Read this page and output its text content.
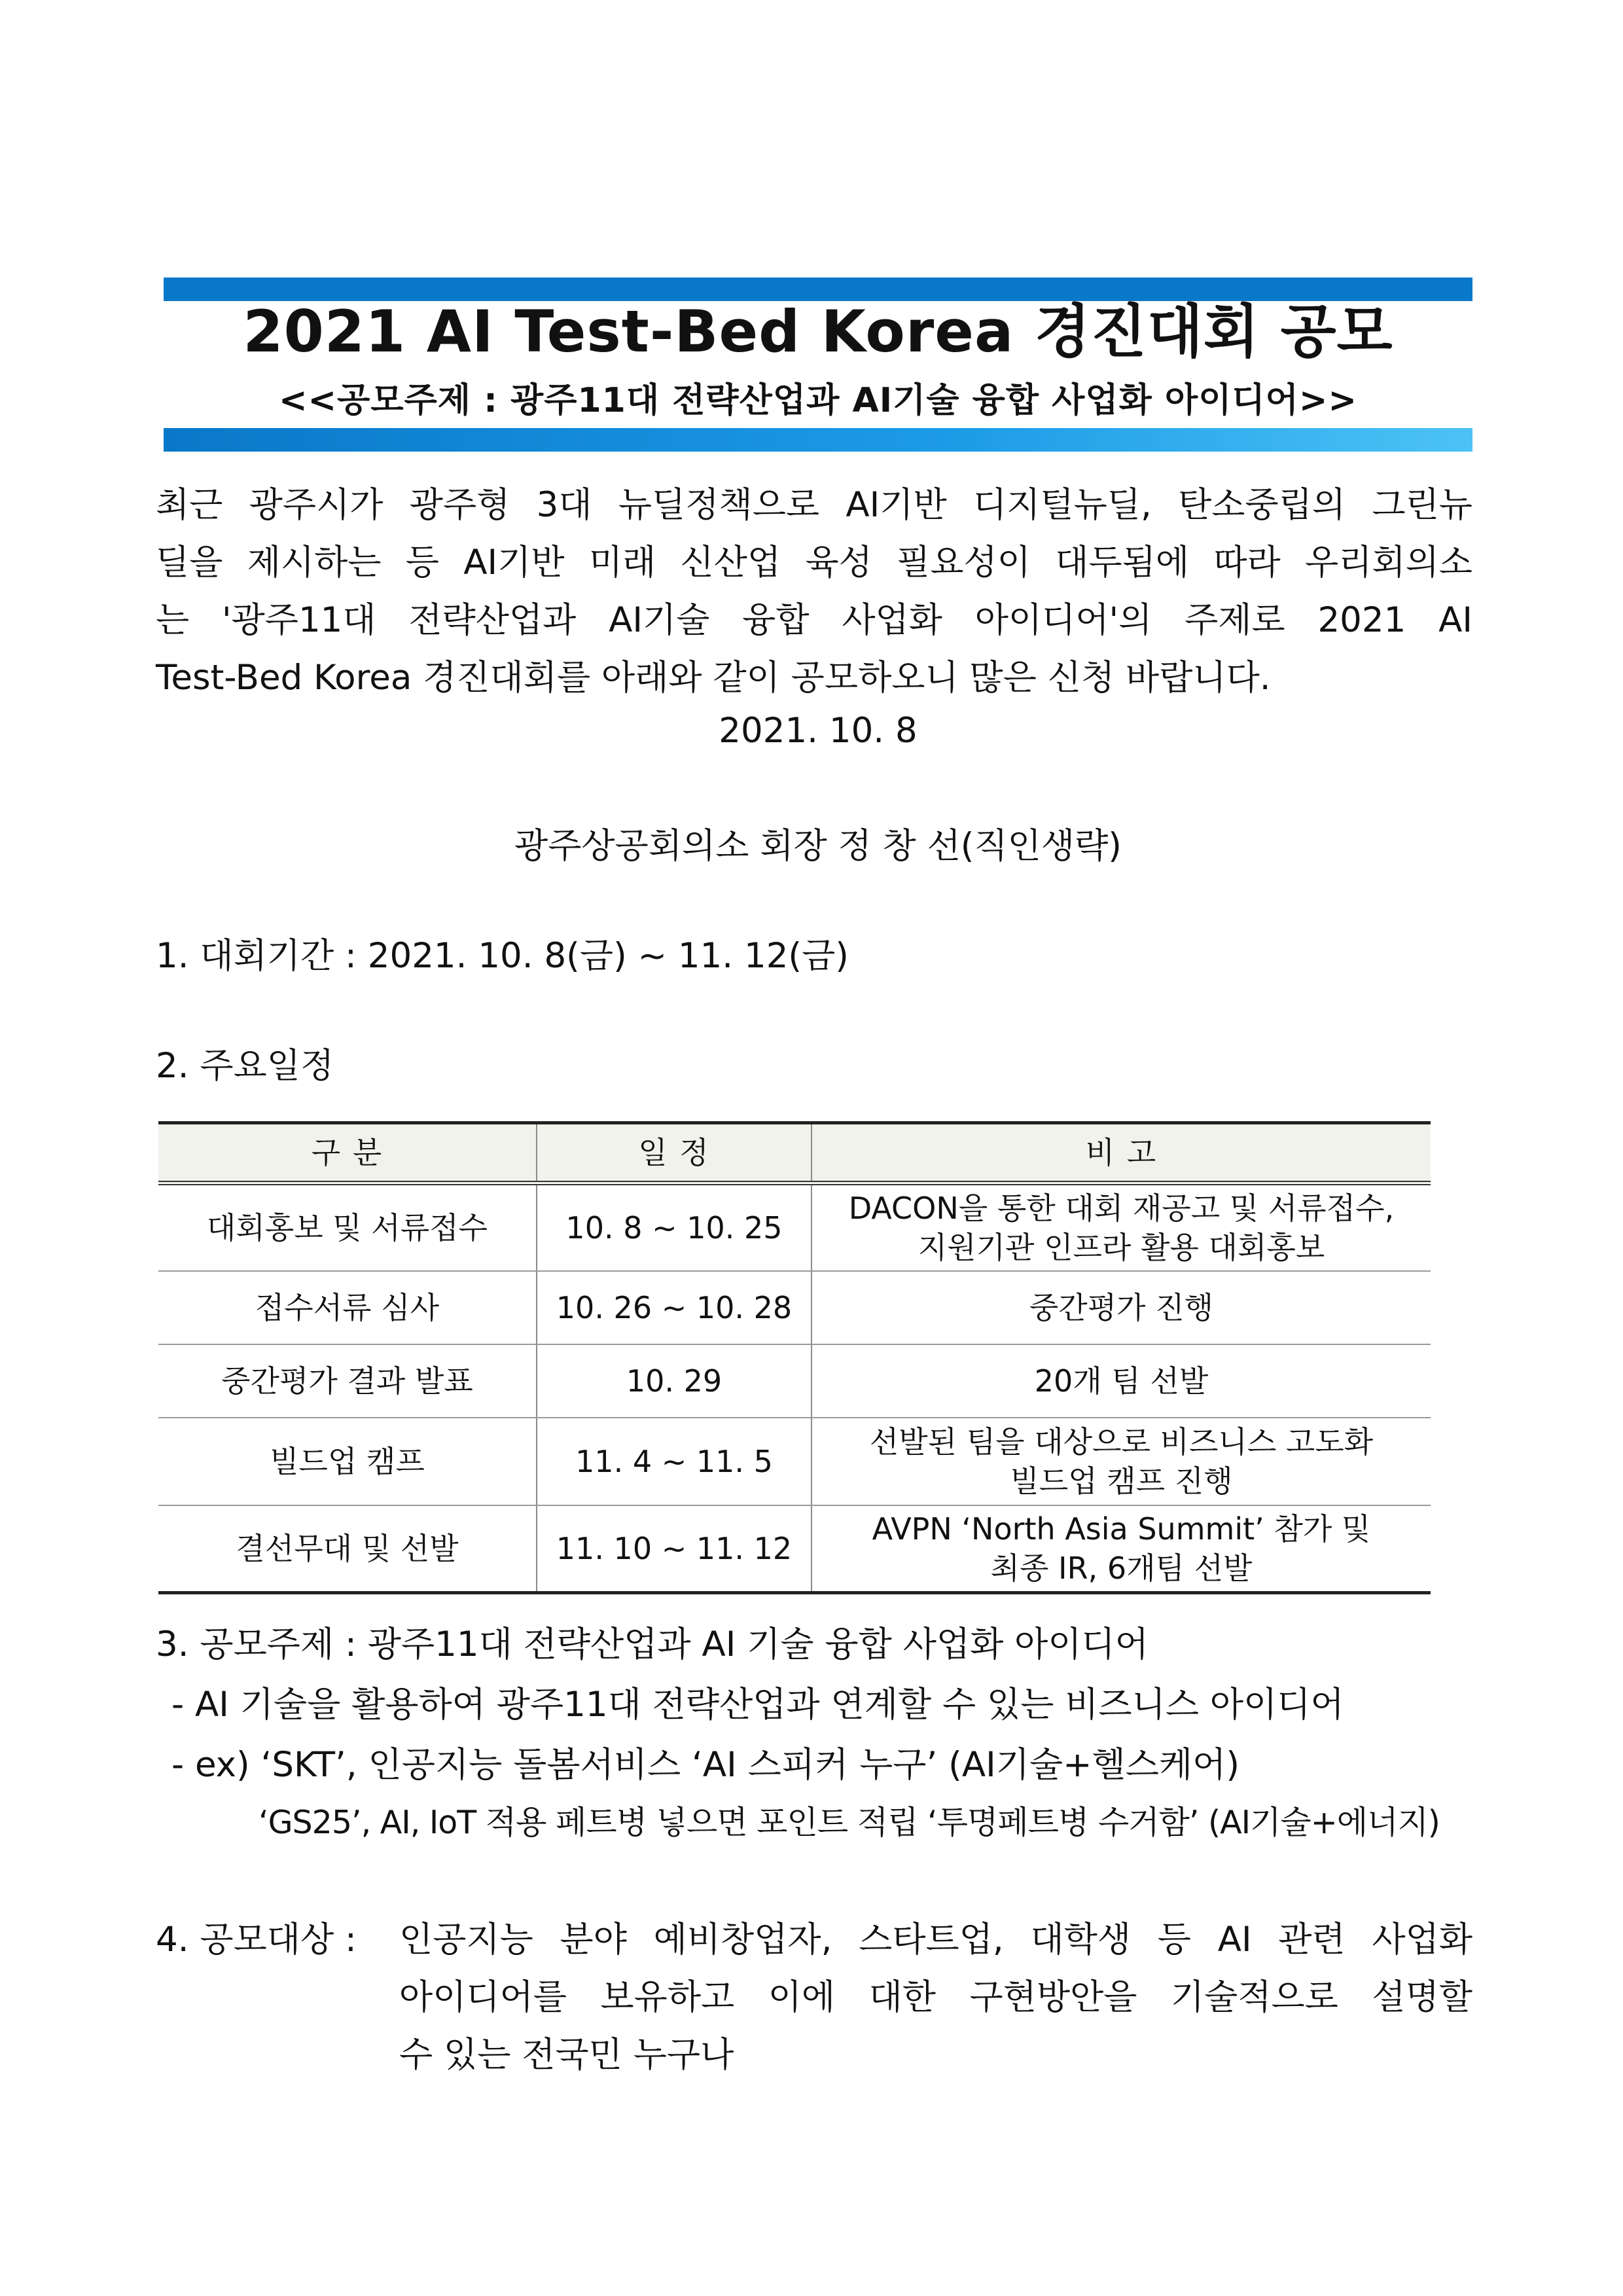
2021 AI Test-Bed Korea 경진대회 공모
<<공모주제 : 광주11대 전략산업과 AI기술 융합 사업화 아이디어>>

최근 광주시가 광주형 3대 뉴딜정책으로 AI기반 디지털뉴딜, 탄소중립의 그린뉴
딜을 제시하는 등 AI기반 미래 신산업 육성 필요성이 대두됨에 따라 우리회의소
는 '광주11대 전략산업과 AI기술 융합 사업화 아이디어'의 주제로 2021 AI
Test-Bed Korea 경진대회를 아래와 같이 공모하오니 많은 신청 바랍니다.

2021. 10. 8
광주상공회의소 회장 정 창 선(직인생략)
1. 대회기간 : 2021. 10. 8(금) ~ 11. 12(금)
2. 주요일정
구 분	일 정	비 고
대회홍보 및 서류접수	10. 8 ~ 10. 25	DACON을 통한 대회 재공고 및 서류접수,
지원기관 인프라 활용 대회홍보

접수서류 심사	10. 26 ~ 10. 28	중간평가 진행
중간평가 결과 발표	10. 29	20개 팀 선발
빌드업 캠프	11. 4 ~ 11. 5	선발된 팀을 대상으로 비즈니스 고도화
빌드업 캠프 진행

결선무대 및 선발	11. 10 ~ 11. 12	AVPN ‘North Asia Summit’ 참가 및
최종 IR, 6개팀 선발
3. 공모주제 : 광주11대 전략산업과 AI 기술 융합 사업화 아이디어
- AI 기술을 활용하여 광주11대 전략산업과 연계할 수 있는 비즈니스 아이디어
- ex) ‘SKT’, 인공지능 돌봄서비스 ‘AI 스피커 누구’ (AI기술+헬스케어)
‘GS25’, AI, IoT 적용 페트병 넣으면 포인트 적립 ‘투명페트병 수거함’ (AI기술+에너지)
4. 공모대상 : 인공지능 분야 예비창업자, 스타트업, 대학생 등 AI 관련 사업화
아이디어를 보유하고 이에 대한 구현방안을 기술적으로 설명할
수 있는 전국민 누구나
